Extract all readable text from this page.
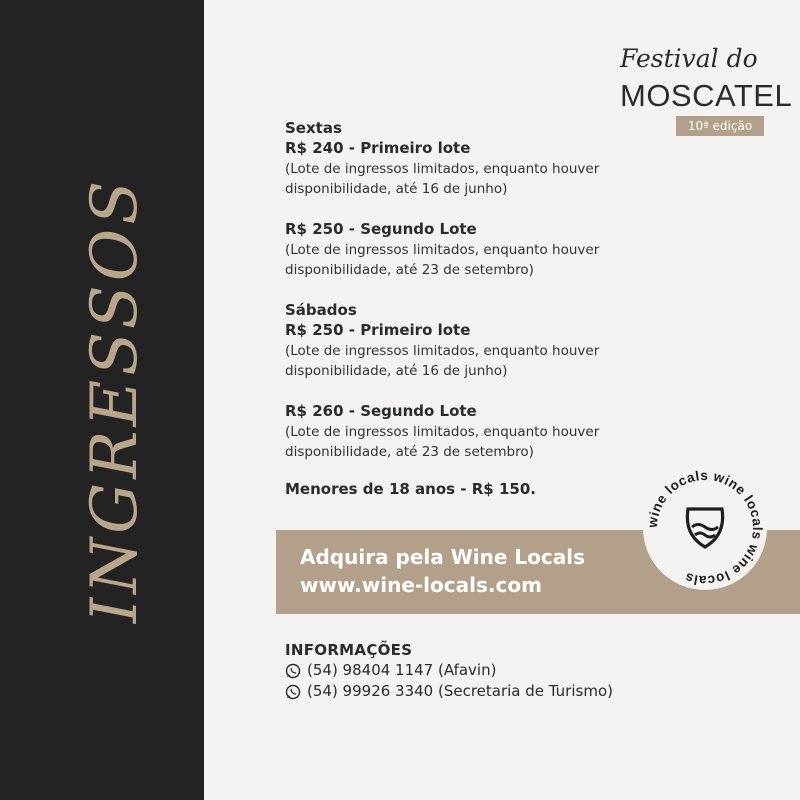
INGRESSOS
Festival do
MOSCATEL
10ª edição
Sextas
R$ 240 - Primeiro lote
(Lote de ingressos limitados, enquanto houver
disponibilidade, até 16 de junho)
R$ 250 - Segundo Lote
(Lote de ingressos limitados, enquanto houver
disponibilidade, até 23 de setembro)
Sábados
R$ 250 - Primeiro lote
(Lote de ingressos limitados, enquanto houver
disponibilidade, até 16 de junho)
R$ 260 - Segundo Lote
(Lote de ingressos limitados, enquanto houver
disponibilidade, até 23 de setembro)
Menores de 18 anos - R$ 150.
Adquira pela Wine Locals
www.wine-locals.com
wine locals wine locals wine locals
INFORMAÇÕES
(54) 98404 1147 (Afavin)
(54) 99926 3340 (Secretaria de Turismo)
